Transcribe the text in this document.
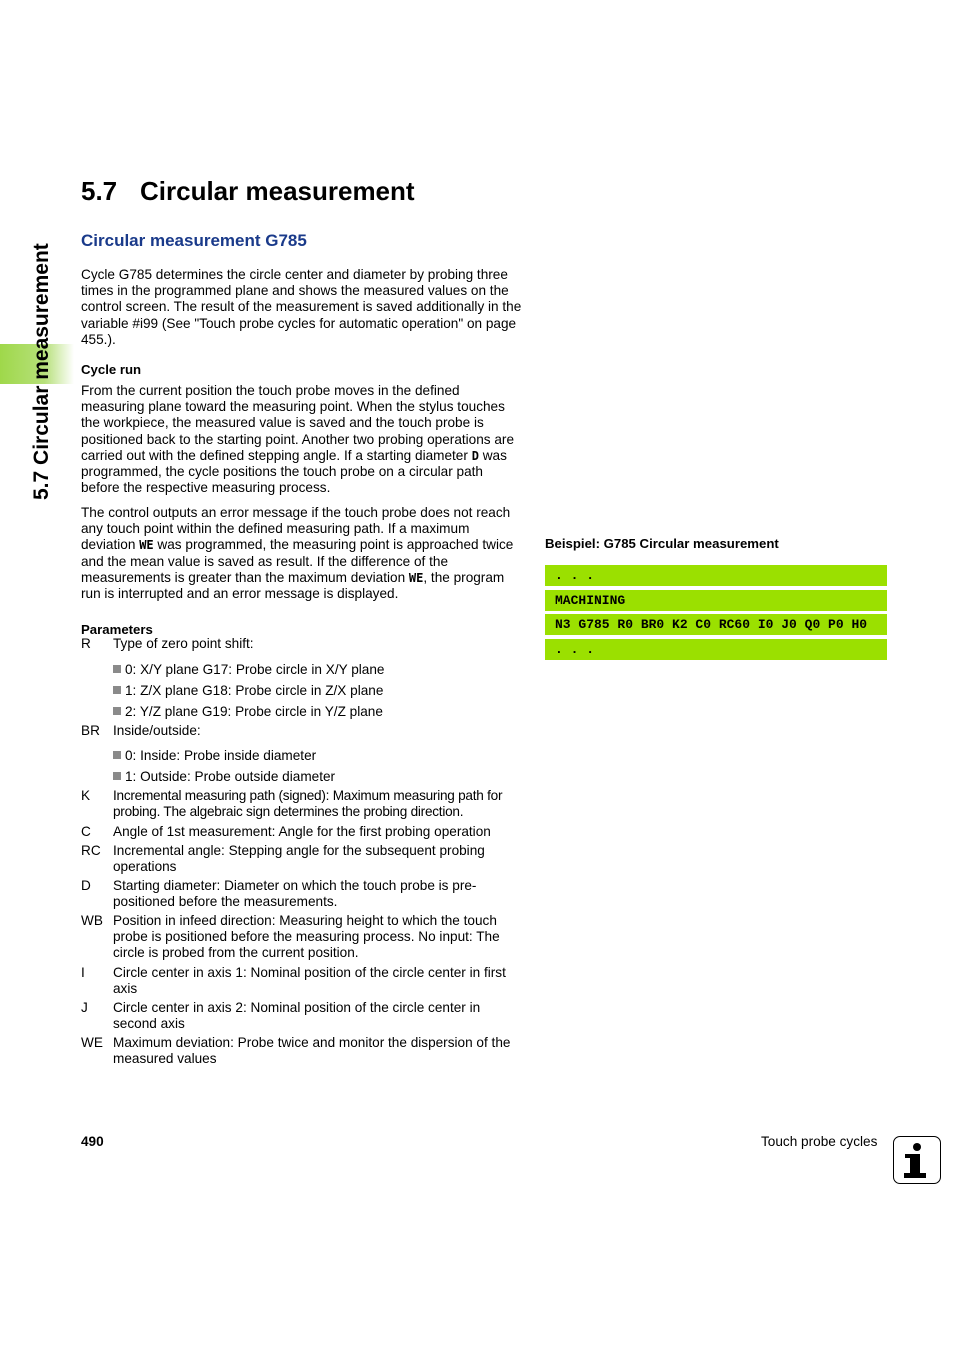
5.7 Circular measurement
5.7 Circular measurement
Circular measurement G785

Cycle G785 determines the circle center and diameter by probing three times in the programmed plane and shows the measured values on the control screen. The result of the measurement is saved additionally in the variable #i99 (See "Touch probe cycles for automatic operation" on page 455.).

Cycle run

From the current position the touch probe moves in the defined measuring plane toward the measuring point. When the stylus touches the workpiece, the measured value is saved and the touch probe is positioned back to the starting point. Another two probing operations are carried out with the defined stepping angle. If a starting diameter D was programmed, the cycle positions the touch probe on a circular path before the respective measuring process.

The control outputs an error message if the touch probe does not reach any touch point within the defined measuring path. If a maximum deviation WE was programmed, the measuring point is approached twice and the mean value is saved as result. If the difference of the measurements is greater than the maximum deviation WE, the program run is interrupted and an error message is displayed.

Parameters
R	Type of zero point shift:
0: X/Y plane G17: Probe circle in X/Y plane
1: Z/X plane G18: Probe circle in Z/X plane
2: Y/Z plane G19: Probe circle in Y/Z plane
BR Inside/outside:
0: Inside: Probe inside diameter
1: Outside: Probe outside diameter
K	Incremental measuring path (signed): Maximum measuring path for probing. The algebraic sign determines the probing direction.
C	Angle of 1st measurement: Angle for the first probing operation
RC Incremental angle: Stepping angle for the subsequent probing operations
D	Starting diameter: Diameter on which the touch probe is pre-positioned before the measurements.
WB Position in infeed direction: Measuring height to which the touch probe is positioned before the measuring process. No input: The circle is probed from the current position.
I	Circle center in axis 1: Nominal position of the circle center in first axis
J	Circle center in axis 2: Nominal position of the circle center in second axis
WE Maximum deviation: Probe twice and monitor the dispersion of the measured values
Beispiel: G785 Circular measurement
. . .
MACHINING
N3 G785 R0 BR0 K2 C0 RC60 I0 J0 Q0 P0 H0
. . .
490	Touch probe cycles
